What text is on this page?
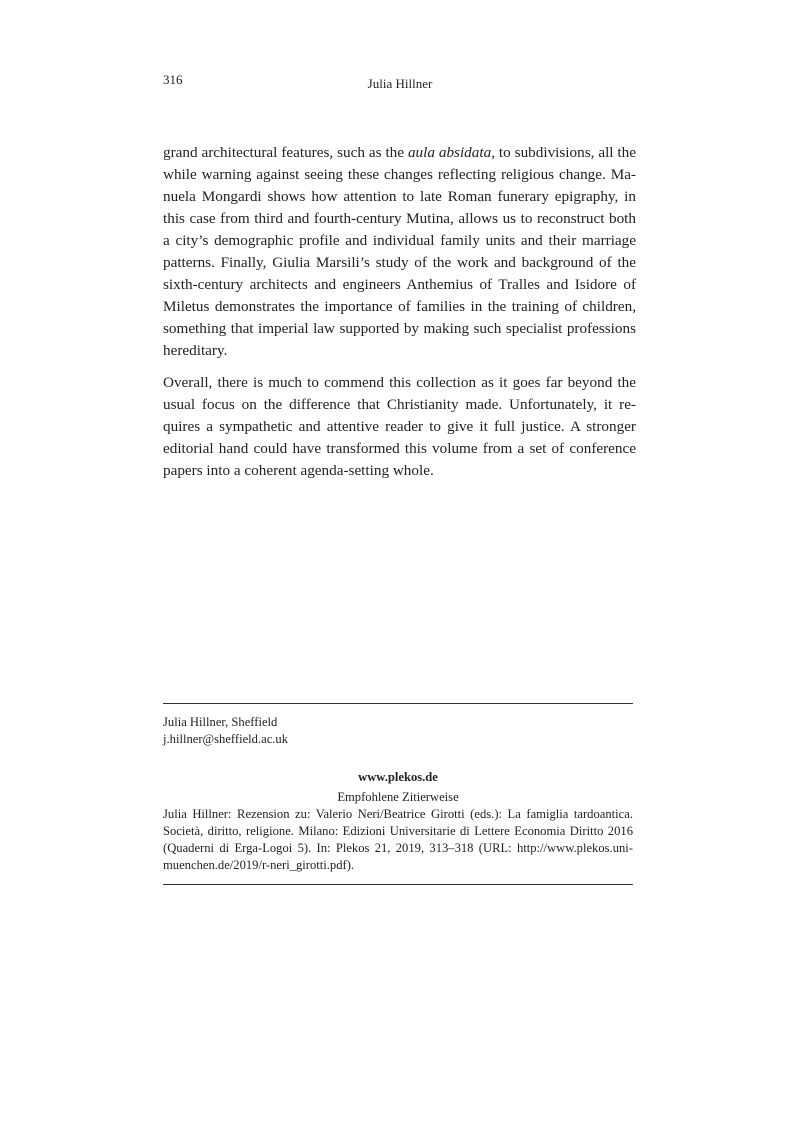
316	Julia Hillner
grand architectural features, such as the aula absidata, to subdivisions, all the
while warning against seeing these changes reflecting religious change. Ma-
nuela Mongardi shows how attention to late Roman funerary epigraphy, in
this case from third and fourth-century Mutina, allows us to reconstruct both
a city’s demographic profile and individual family units and their marriage
patterns. Finally, Giulia Marsili’s study of the work and background of the
sixth-century architects and engineers Anthemius of Tralles and Isidore of
Miletus demonstrates the importance of families in the training of children,
something that imperial law supported by making such specialist professions
hereditary.
Overall, there is much to commend this collection as it goes far beyond the
usual focus on the difference that Christianity made. Unfortunately, it re-
quires a sympathetic and attentive reader to give it full justice. A stronger
editorial hand could have transformed this volume from a set of conference
papers into a coherent agenda-setting whole.
Julia Hillner, Sheffield
j.hillner@sheffield.ac.uk
www.plekos.de
Empfohlene Zitierweise
Julia Hillner: Rezension zu: Valerio Neri/Beatrice Girotti (eds.): La famiglia tardoantica.
Società, diritto, religione. Milano: Edizioni Universitarie di Lettere Economia Diritto 2016
(Quaderni di Erga-Logoi 5). In: Plekos 21, 2019, 313–318 (URL: http://www.plekos.uni-
muenchen.de/2019/r-neri_girotti.pdf).
